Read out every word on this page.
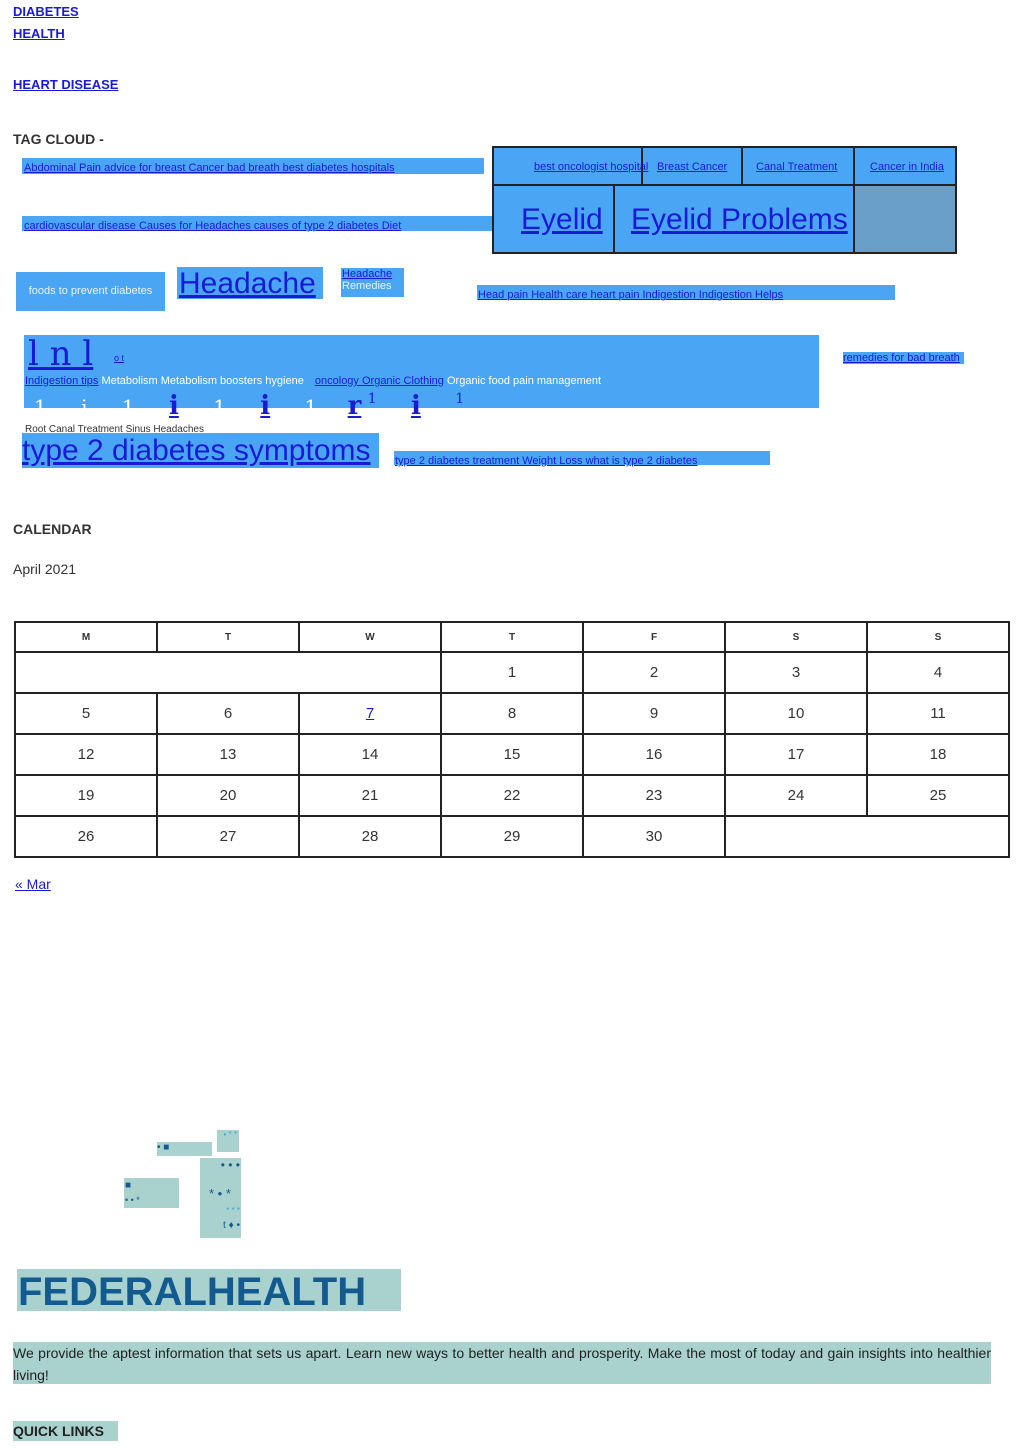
DIABETES
HEALTH
HEART DISEASE
TAG CLOUD -
Abdominal Pain advice for breast Cancer bad breath best diabetes hospitals	best oncologist hospital Breast Cancer	Canal Treatment	Cancer in India
Eyelid Eyelid Problems
cardiovascular disease Causes for Headaches causes of type 2 diabetes Diet
foods to prevent diabetes Headache	Headache
Remedies
Head pain Health care heart pain Indigestion Indigestion Helps
l n l o t	remedies for bad breath
Indigestion tips Metabolism Metabolism boosters hygiene oncology Organic Clothing Organic food pain management
1 i 1 i 1 i 1 r $^1$ i $^1$
Root Canal Treatment Sinus Headaches
type 2 diabetes symptoms	type 2 diabetes treatment Weight Loss what is type 2 diabetes
CALENDAR
April 2021
M	T	W	T	F	S	S
			1	2	3	4
5	6	7	8	9	10	11
12	13	14	15	16	17	18
19	20	21	22	23	24	25
26	27	28	29	30		
« Mar
• ■
• * *
■
• • *
• • •
* • *
* * *
t ♦ •
FEDERALHEALTH
We provide the aptest information that sets us apart. Learn new ways to better health and prosperity. Make the most of today and gain insights into healthier living!
QUICK LINKS
